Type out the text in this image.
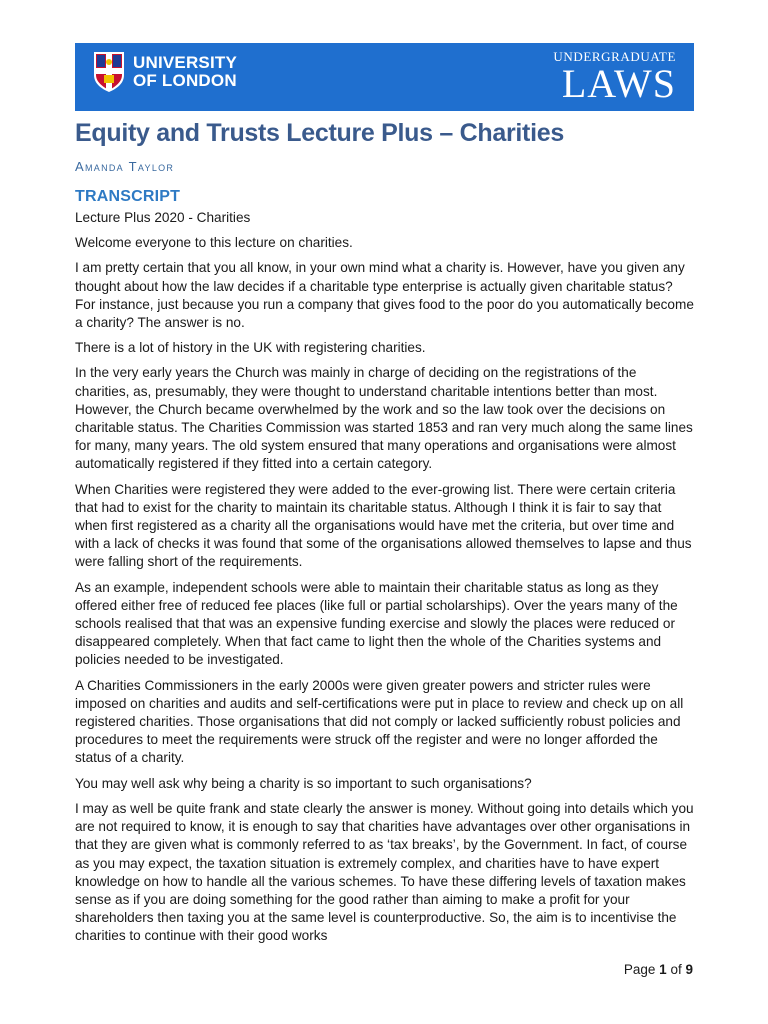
UNIVERSITY
OF LONDON
UNDERGRADUATE
LAWS
Equity and Trusts Lecture Plus – Charities
Amanda Taylor
TRANSCRIPT

Lecture Plus 2020 - Charities

Welcome everyone to this lecture on charities.

I am pretty certain that you all know, in your own mind what a charity is. However, have you given any thought about how the law decides if a charitable type enterprise is actually given charitable status? For instance, just because you run a company that gives food to the poor do you automatically become a charity? The answer is no.

There is a lot of history in the UK with registering charities.

In the very early years the Church was mainly in charge of deciding on the registrations of the charities, as, presumably, they were thought to understand charitable intentions better than most. However, the Church became overwhelmed by the work and so the law took over the decisions on charitable status. The Charities Commission was started 1853 and ran very much along the same lines for many, many years. The old system ensured that many operations and organisations were almost automatically registered if they fitted into a certain category.

When Charities were registered they were added to the ever-growing list. There were certain criteria that had to exist for the charity to maintain its charitable status. Although I think it is fair to say that when first registered as a charity all the organisations would have met the criteria, but over time and with a lack of checks it was found that some of the organisations allowed themselves to lapse and thus were falling short of the requirements.

As an example, independent schools were able to maintain their charitable status as long as they offered either free of reduced fee places (like full or partial scholarships). Over the years many of the schools realised that that was an expensive funding exercise and slowly the places were reduced or disappeared completely. When that fact came to light then the whole of the Charities systems and policies needed to be investigated.

A Charities Commissioners in the early 2000s were given greater powers and stricter rules were imposed on charities and audits and self-certifications were put in place to review and check up on all registered charities. Those organisations that did not comply or lacked sufficiently robust policies and procedures to meet the requirements were struck off the register and were no longer afforded the status of a charity.

You may well ask why being a charity is so important to such organisations?

I may as well be quite frank and state clearly the answer is money. Without going into details which you are not required to know, it is enough to say that charities have advantages over other organisations in that they are given what is commonly referred to as ‘tax breaks’, by the Government. In fact, of course as you may expect, the taxation situation is extremely complex, and charities have to have expert knowledge on how to handle all the various schemes. To have these differing levels of taxation makes sense as if you are doing something for the good rather than aiming to make a profit for your shareholders then taxing you at the same level is counterproductive. So, the aim is to incentivise the charities to continue with their good works

Page 1 of 9
